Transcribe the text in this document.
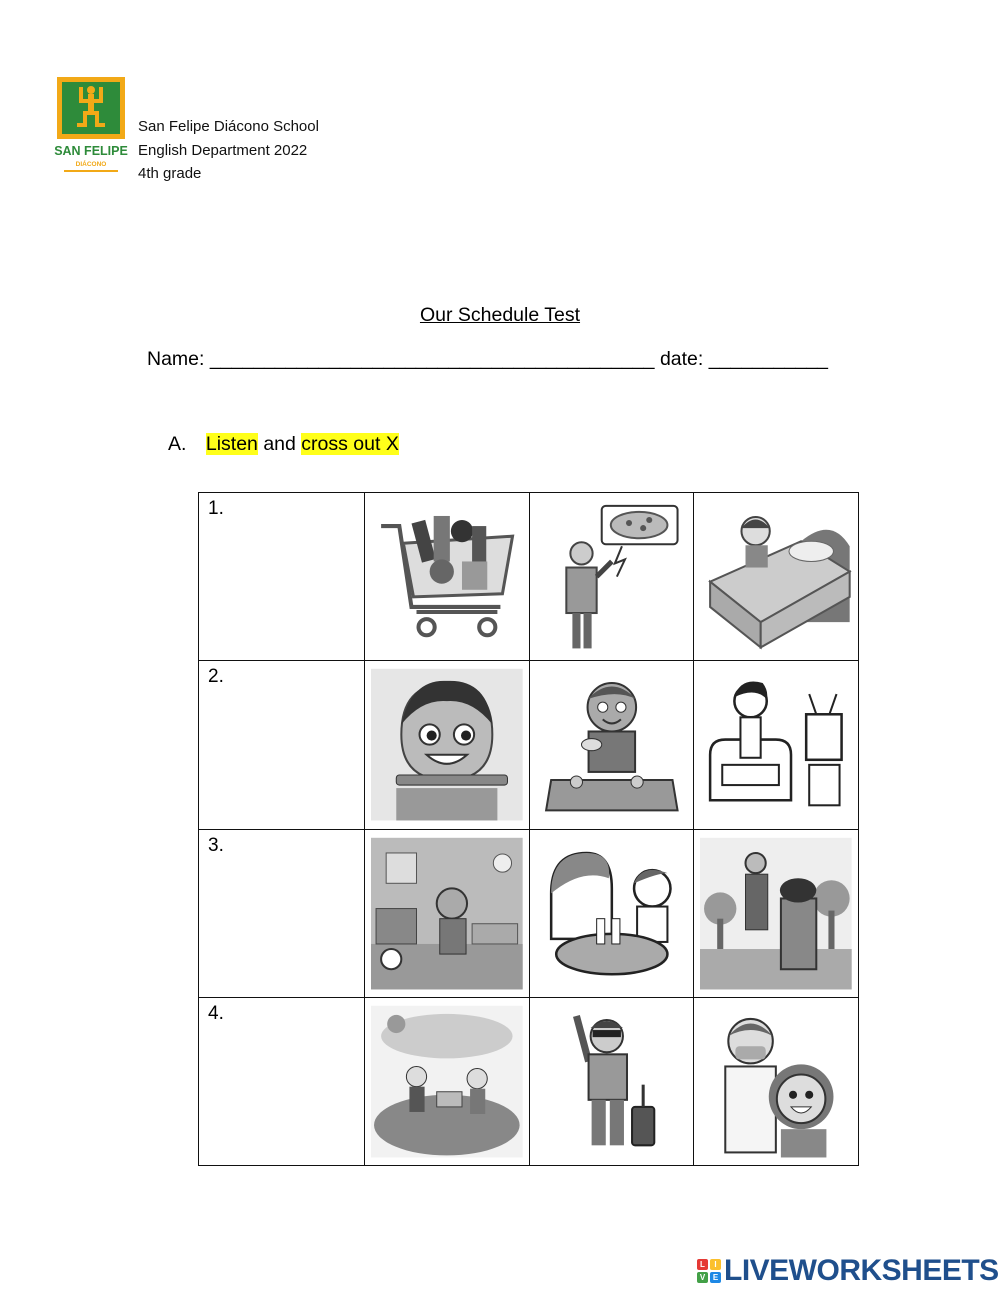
SAN FELIPE
DIÁCONO
San Felipe Diácono School
English Department 2022
4th grade
Our Schedule Test
Name: _________________________________________ date: ___________
A. Listen and cross out X
1.

2.

3.

4.

L	I
V E LIVEWORKSHEETS
